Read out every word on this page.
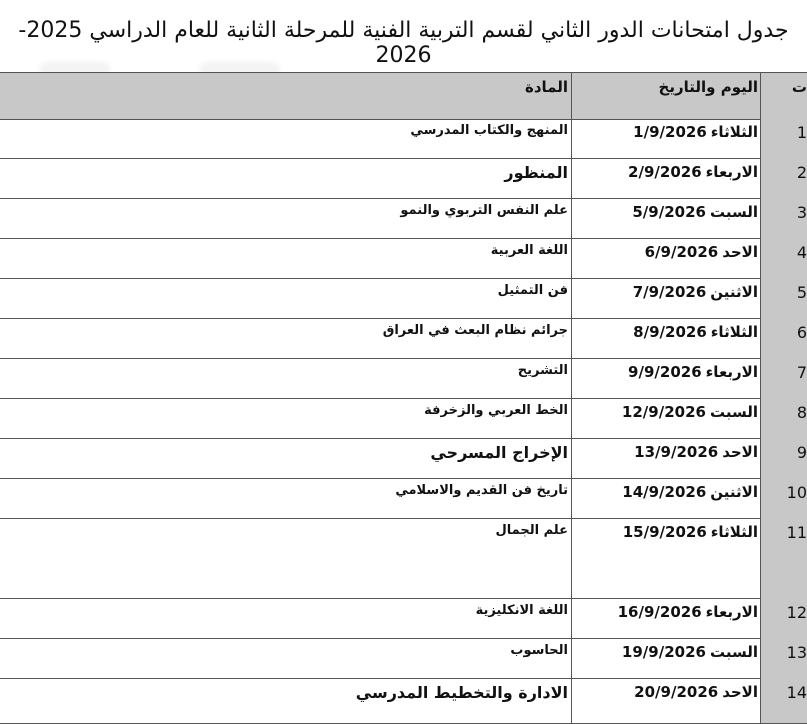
جدول امتحانات الدور الثاني لقسم التربية الفنية للمرحلة الثانية للعام الدراسي 2025-2026
ت
اليوم والتاريخ
المادة
1
الثلاثاء
1/9/2026
المنهج والكتاب المدرسي
2
الاربعاء
2/9/2026
المنظور
3
السبت
5/9/2026
علم النفس التربوي والنمو
4
الاحد
6/9/2026
اللغة العربية
5
الاثنين
7/9/2026
فن التمثيل
6
الثلاثاء
8/9/2026
جرائم نظام البعث في العراق
7
الاربعاء
9/9/2026
التشريح
8
السبت
12/9/2026
الخط العربي والزخرفة
9
الاحد
13/9/2026
الإخراج المسرحي
10
الاثنين
14/9/2026
تاريخ فن القديم والاسلامي
11
الثلاثاء
15/9/2026
علم الجمال
12
الاربعاء
16/9/2026
اللغة الانكليزية
13
السبت
19/9/2026
الحاسوب
14
الاحد
20/9/2026
الادارة والتخطيط المدرسي
